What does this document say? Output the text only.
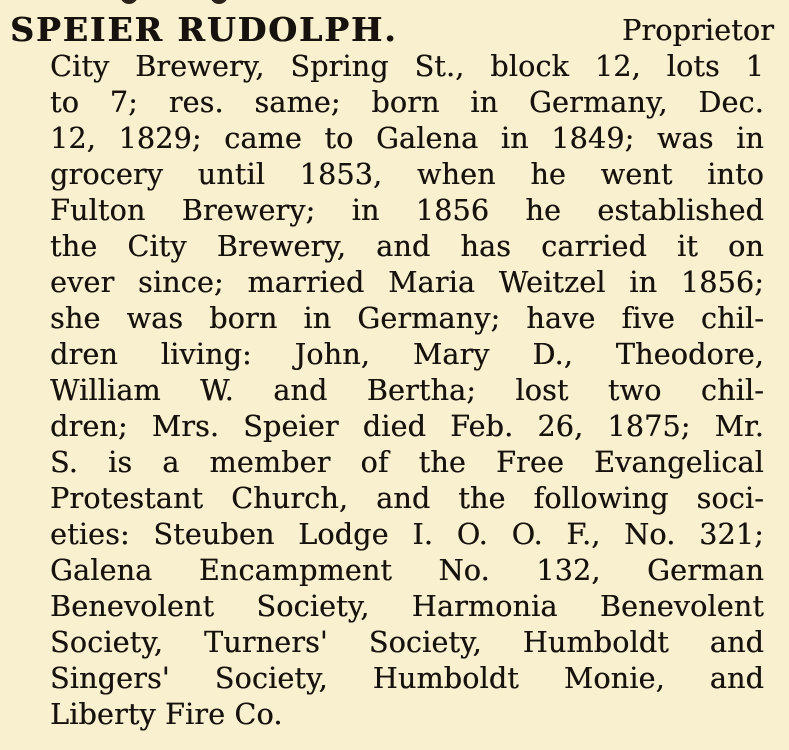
SPEIER RUDOLPH.	Proprietor
City Brewery, Spring St., block 12, lots 1
to 7; res. same; born in Germany, Dec.
12, 1829; came to Galena in 1849; was in
grocery until 1853, when he went into
Fulton Brewery; in 1856 he established
the City Brewery, and has carried it on
ever since; married Maria Weitzel in 1856;
she was born in Germany; have five chil-
dren living: John, Mary D., Theodore,
William W. and Bertha; lost two chil-
dren; Mrs. Speier died Feb. 26, 1875; Mr.
S. is a member of the Free Evangelical
Protestant Church, and the following soci-
eties: Steuben Lodge I. O. O. F., No. 321;
Galena Encampment No. 132, German
Benevolent Society, Harmonia Benevolent
Society, Turners' Society, Humboldt and
Singers' Society, Humboldt Monie, and
Liberty Fire Co.
